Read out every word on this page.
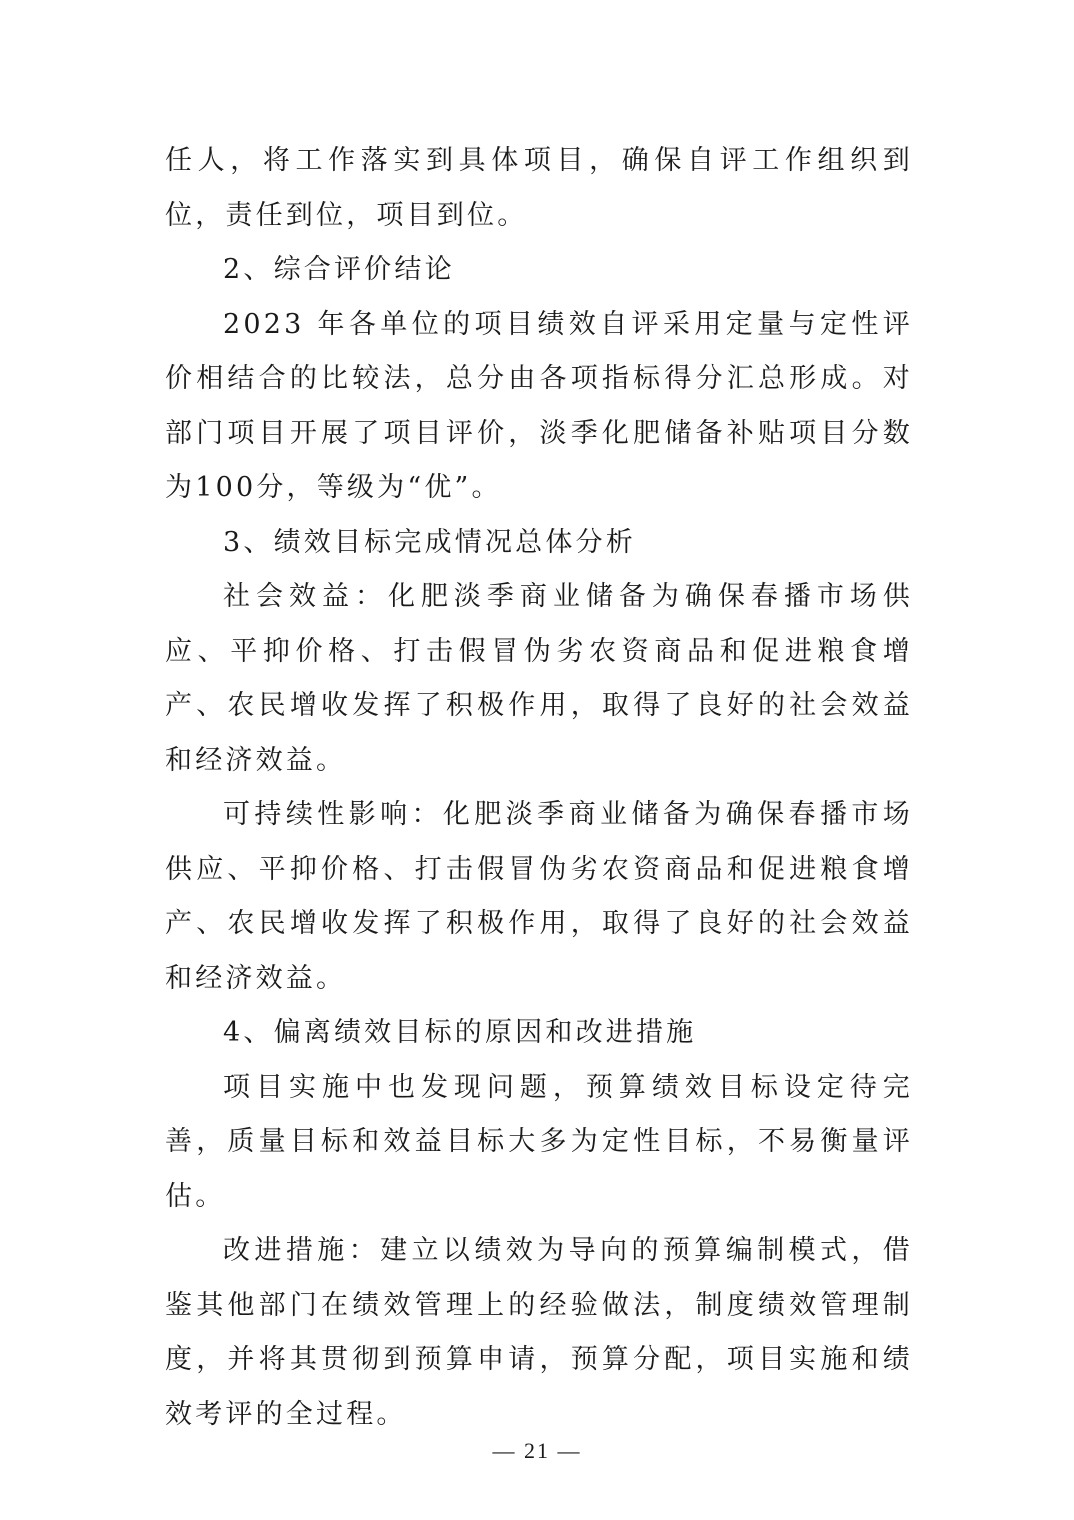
任人，将工作落实到具体项目，确保自评工作组织到位，责任到位，项目到位。

2、综合评价结论

2023 年各单位的项目绩效自评采用定量与定性评价相结合的比较法，总分由各项指标得分汇总形成。对部门项目开展了项目评价，淡季化肥储备补贴项目分数为100分，等级为“优”。

3、绩效目标完成情况总体分析

社会效益：化肥淡季商业储备为确保春播市场供应、平抑价格、打击假冒伪劣农资商品和促进粮食增产、农民增收发挥了积极作用，取得了良好的社会效益和经济效益。

可持续性影响：化肥淡季商业储备为确保春播市场供应、平抑价格、打击假冒伪劣农资商品和促进粮食增产、农民增收发挥了积极作用，取得了良好的社会效益和经济效益。

4、偏离绩效目标的原因和改进措施

项目实施中也发现问题，预算绩效目标设定待完善，质量目标和效益目标大多为定性目标，不易衡量评估。

改进措施：建立以绩效为导向的预算编制模式，借鉴其他部门在绩效管理上的经验做法，制度绩效管理制度，并将其贯彻到预算申请，预算分配，项目实施和绩效考评的全过程。

— 21 —
